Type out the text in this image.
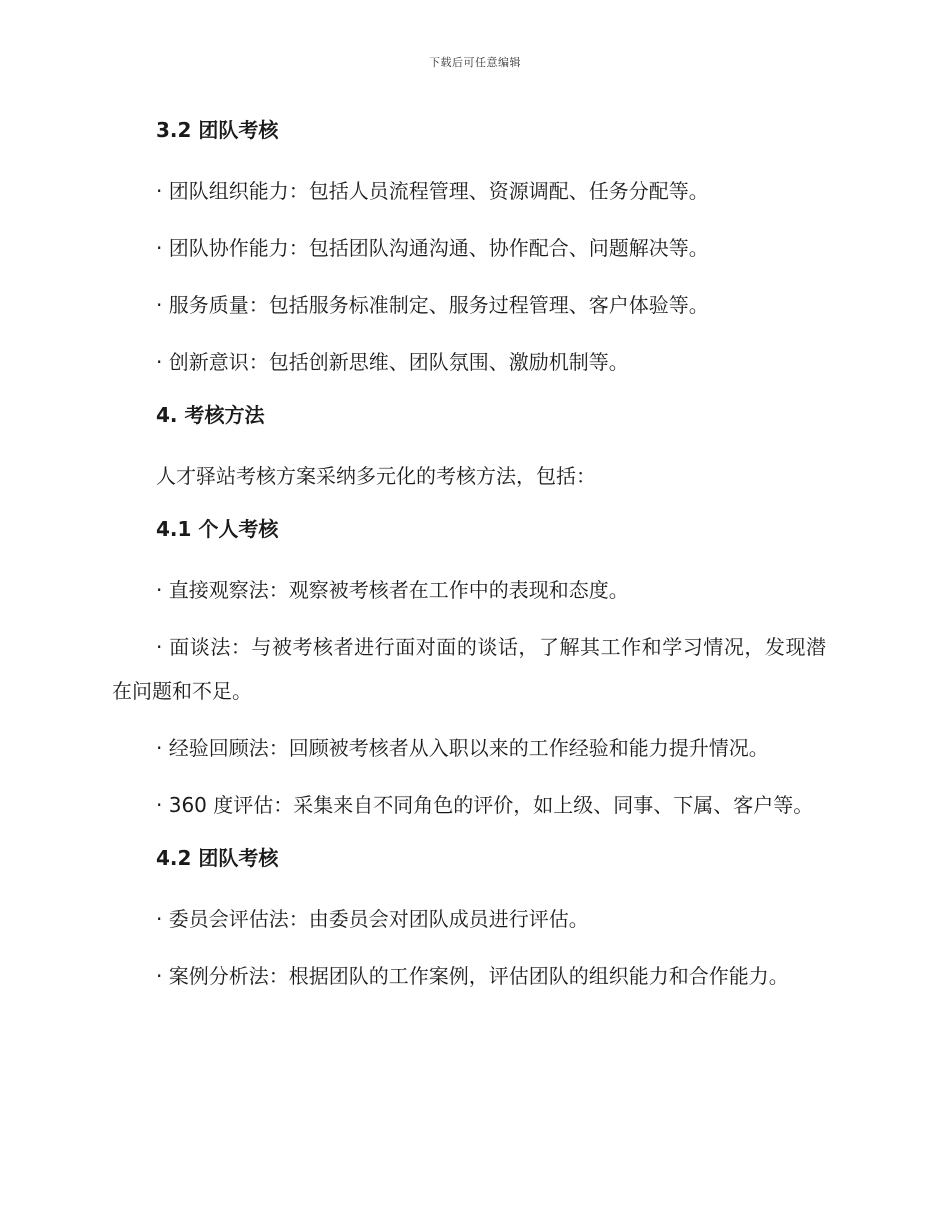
下载后可任意编辑
3.2 团队考核

· 团队组织能力：包括人员流程管理、资源调配、任务分配等。

· 团队协作能力：包括团队沟通沟通、协作配合、问题解决等。

· 服务质量：包括服务标准制定、服务过程管理、客户体验等。

· 创新意识：包括创新思维、团队氛围、激励机制等。

4. 考核方法

人才驿站考核方案采纳多元化的考核方法，包括：

4.1 个人考核

· 直接观察法：观察被考核者在工作中的表现和态度。

· 面谈法：与被考核者进行面对面的谈话，了解其工作和学习情况，发现潜在问题和不足。

· 经验回顾法：回顾被考核者从入职以来的工作经验和能力提升情况。

· 360 度评估：采集来自不同角色的评价，如上级、同事、下属、客户等。

4.2 团队考核

· 委员会评估法：由委员会对团队成员进行评估。

· 案例分析法：根据团队的工作案例，评估团队的组织能力和合作能力。
